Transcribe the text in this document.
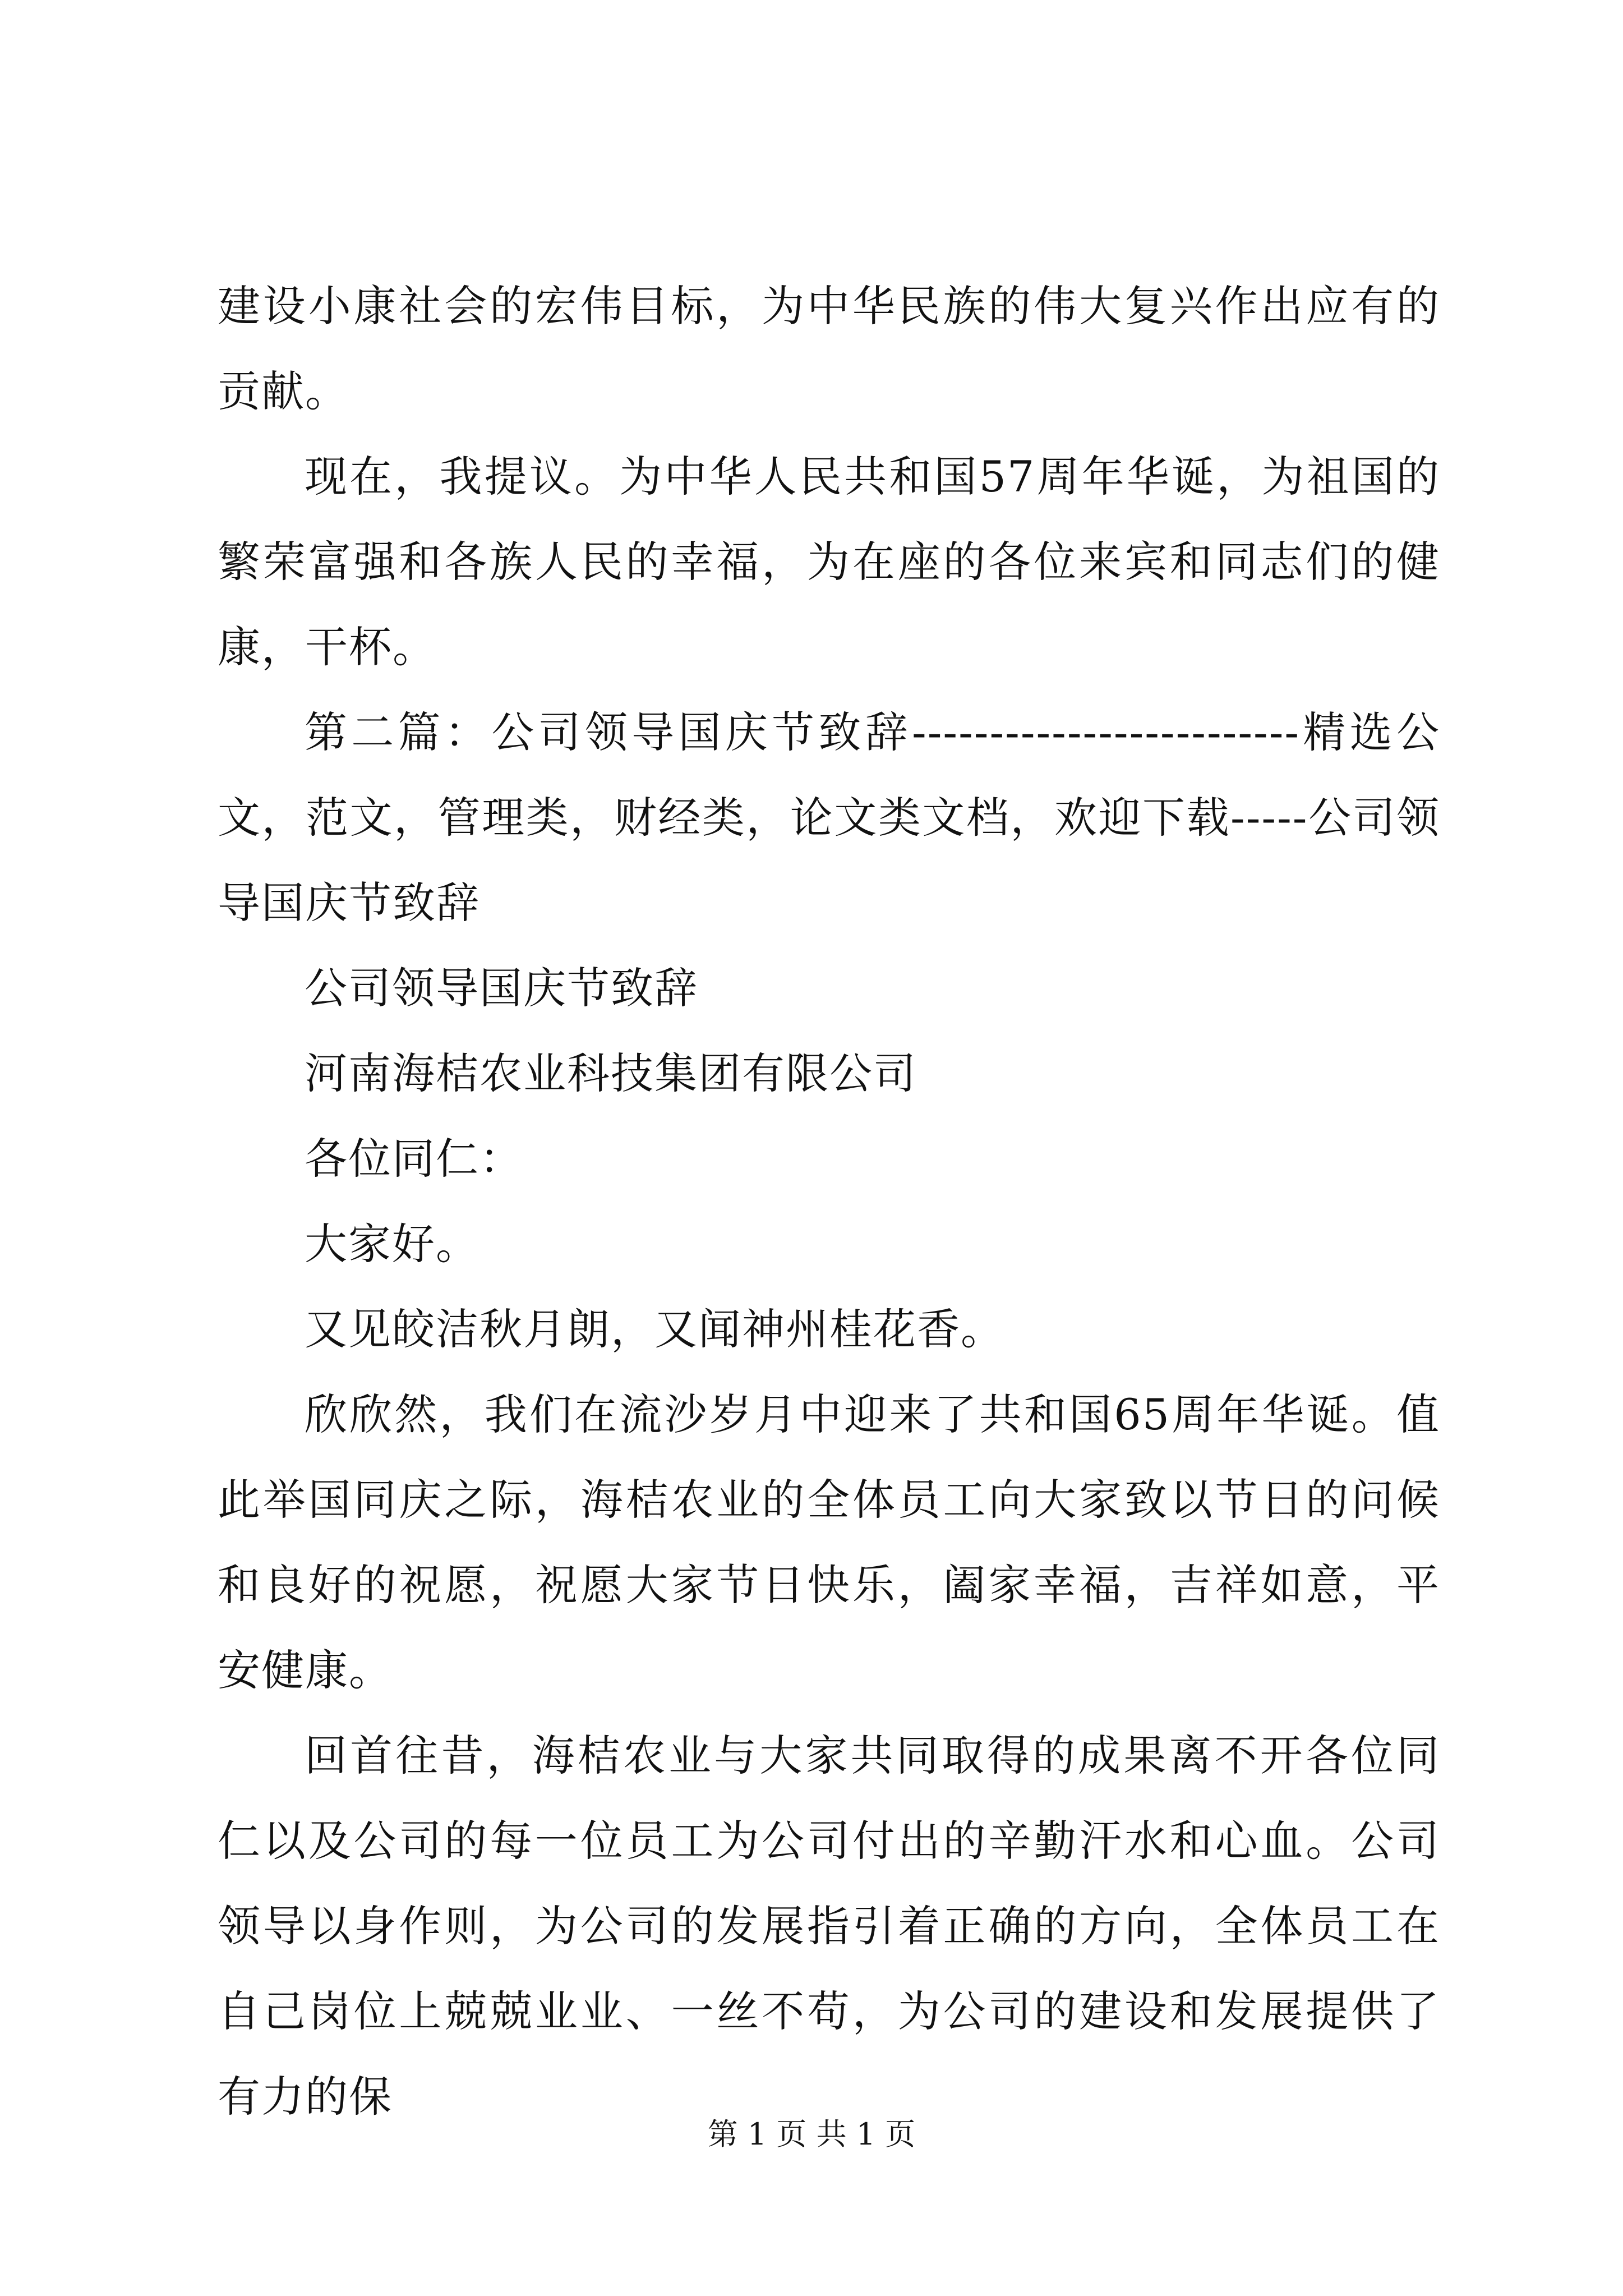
建设小康社会的宏伟目标，为中华民族的伟大复兴作出应有的贡献。

现在，我提议。为中华人民共和国57周年华诞，为祖国的繁荣富强和各族人民的幸福，为在座的各位来宾和同志们的健康，干杯。

第二篇：公司领导国庆节致辞-------------------------精选公文，范文，管理类，财经类，论文类文档，欢迎下载-----公司领导国庆节致辞

公司领导国庆节致辞

河南海桔农业科技集团有限公司

各位同仁：

大家好。

又见皎洁秋月朗，又闻神州桂花香。

欣欣然，我们在流沙岁月中迎来了共和国65周年华诞。值此举国同庆之际，海桔农业的全体员工向大家致以节日的问候和良好的祝愿，祝愿大家节日快乐，阖家幸福，吉祥如意，平安健康。

回首往昔，海桔农业与大家共同取得的成果离不开各位同仁以及公司的每一位员工为公司付出的辛勤汗水和心血。公司领导以身作则，为公司的发展指引着正确的方向，全体员工在自己岗位上兢兢业业、一丝不苟，为公司的建设和发展提供了有力的保

第 1 页 共 1 页
